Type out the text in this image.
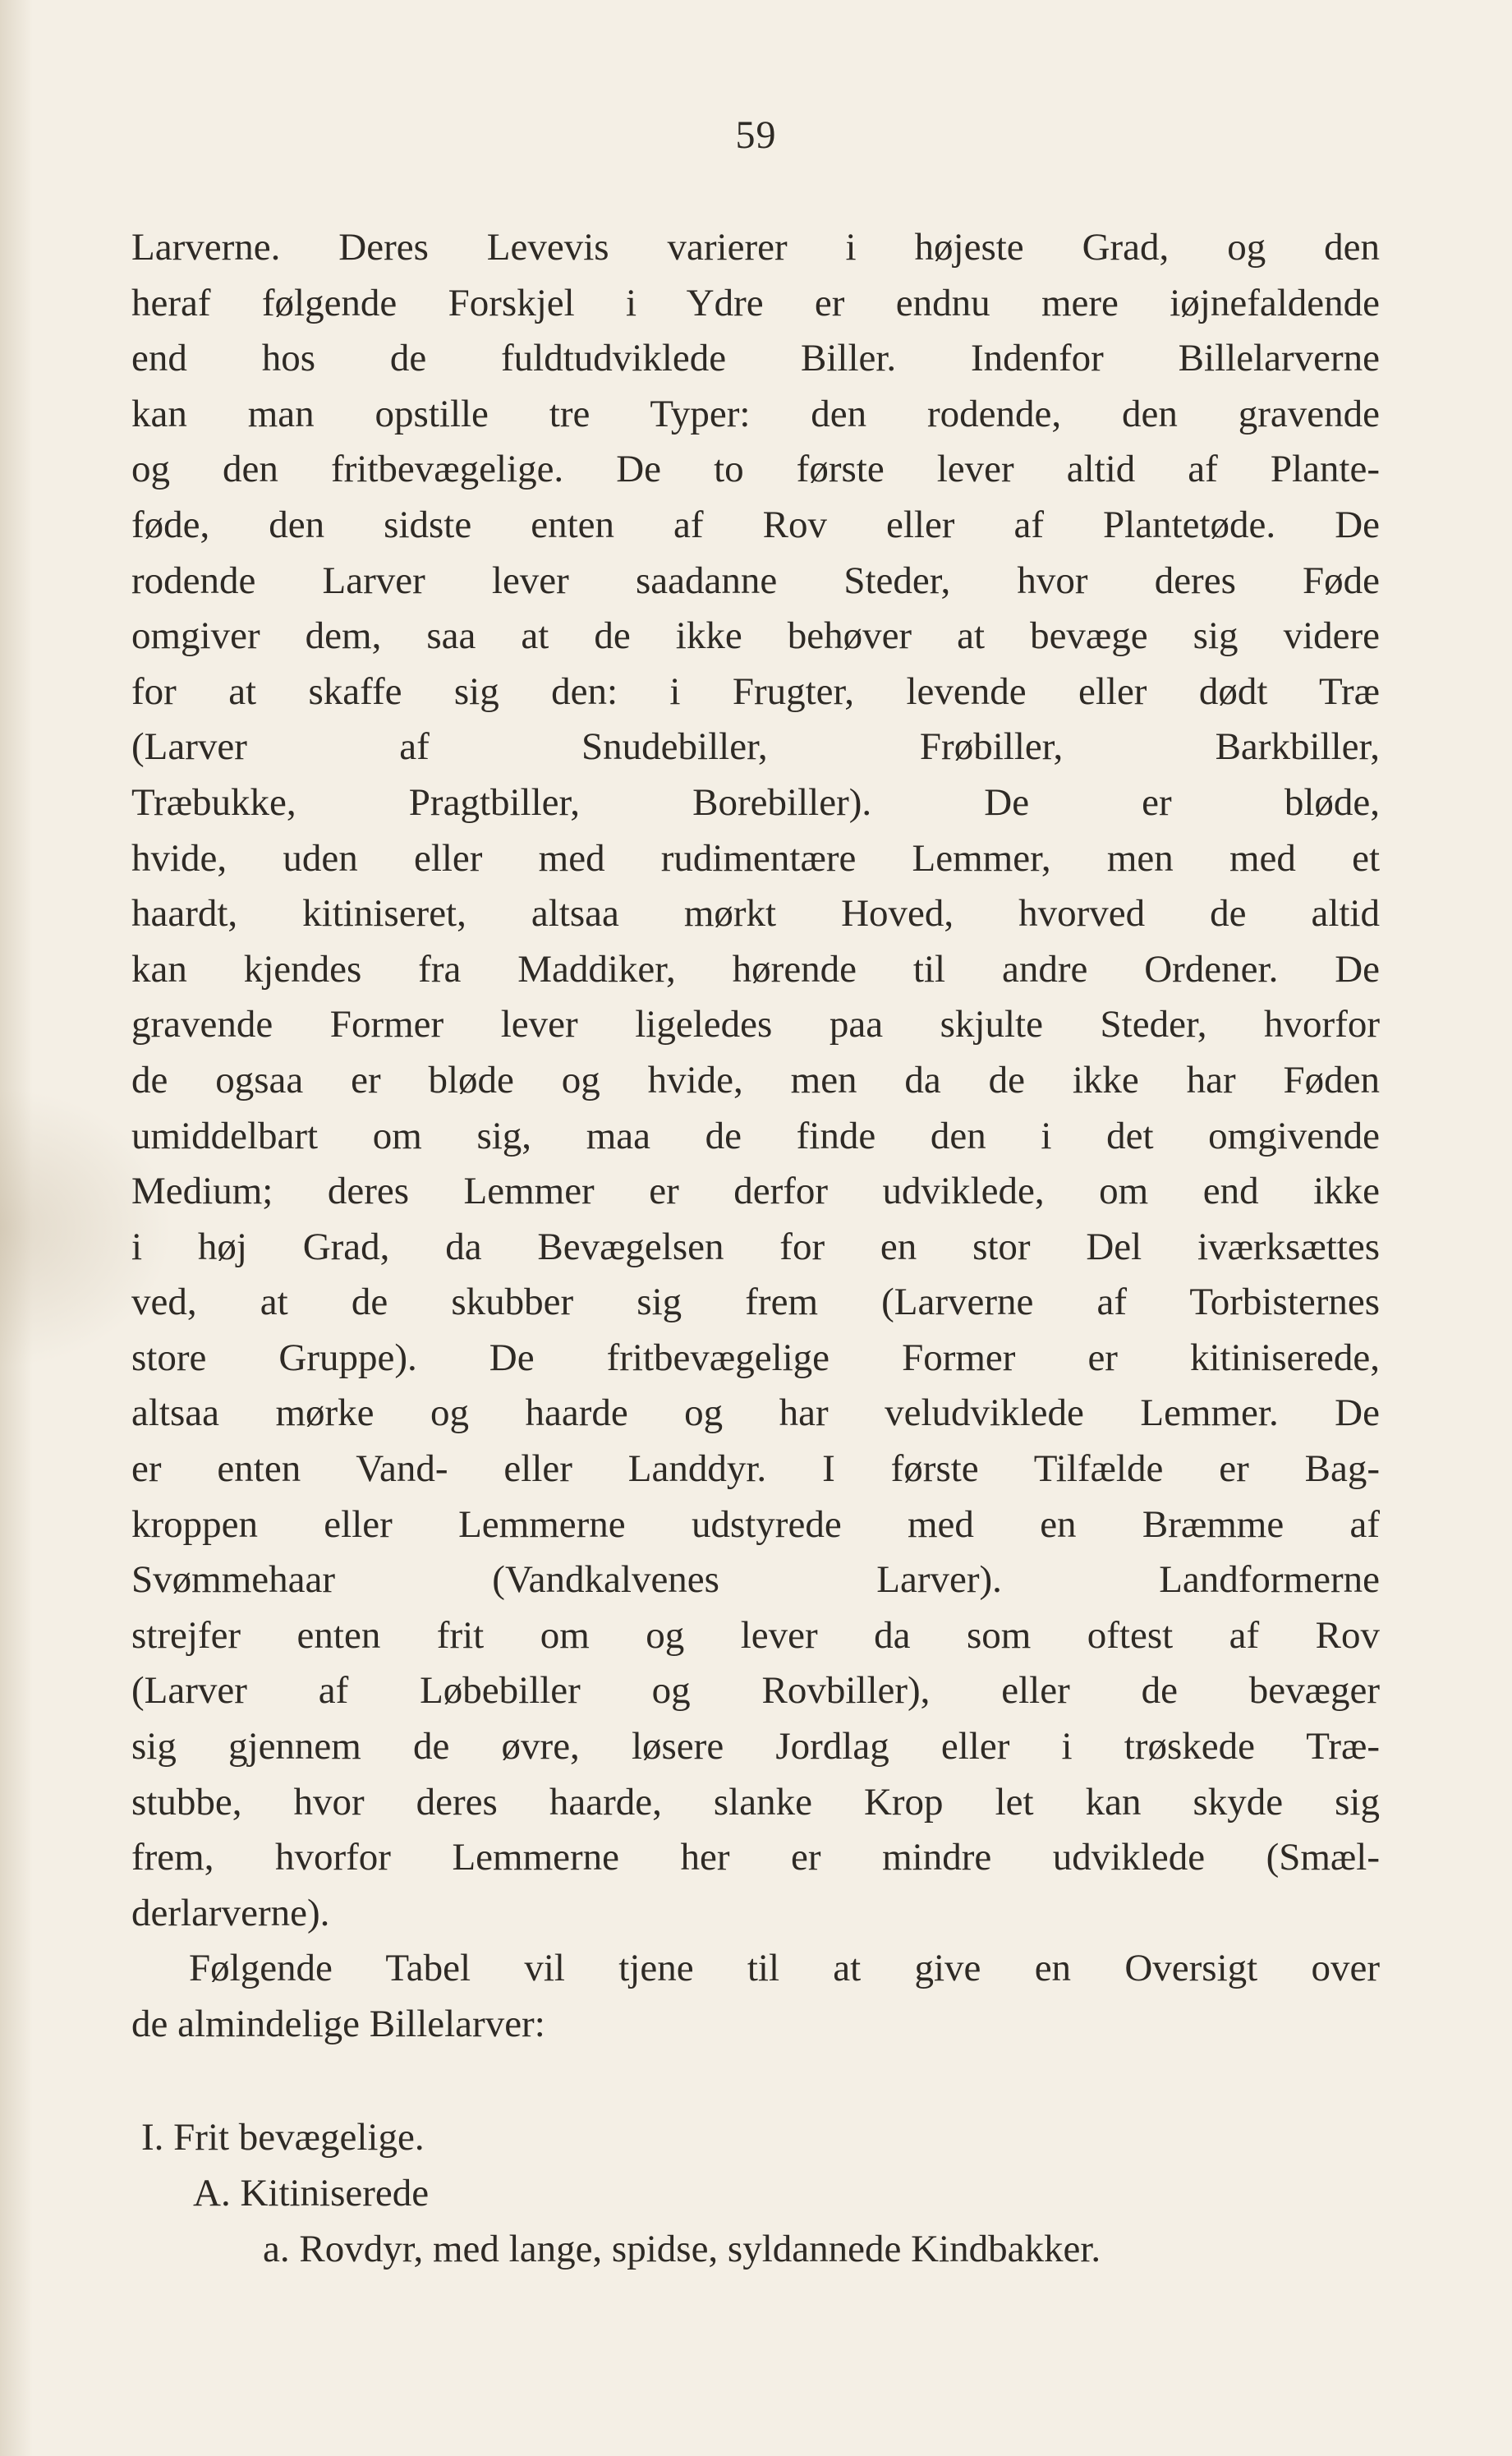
59
Larverne. Deres Levevis varierer i højeste Grad, og den
heraf følgende Forskjel i Ydre er endnu mere iøjnefaldende
end hos de fuldtudviklede Biller. Indenfor Billelarverne
kan man opstille tre Typer: den rodende, den gravende
og den fritbevægelige. De to første lever altid af Plante-
føde, den sidste enten af Rov eller af Plantetøde. De
rodende Larver lever saadanne Steder, hvor deres Føde
omgiver dem, saa at de ikke behøver at bevæge sig videre
for at skaffe sig den: i Frugter, levende eller dødt Træ
(Larver af Snudebiller, Frøbiller, Barkbiller,
Træbukke, Pragtbiller, Borebiller). De er bløde,
hvide, uden eller med rudimentære Lemmer, men med et
haardt, kitiniseret, altsaa mørkt Hoved, hvorved de altid
kan kjendes fra Maddiker, hørende til andre Ordener. De
gravende Former lever ligeledes paa skjulte Steder, hvorfor
de ogsaa er bløde og hvide, men da de ikke har Føden
umiddelbart om sig, maa de finde den i det omgivende
Medium; deres Lemmer er derfor udviklede, om end ikke
i høj Grad, da Bevægelsen for en stor Del iværksættes
ved, at de skubber sig frem (Larverne af Torbisternes
store Gruppe). De fritbevægelige Former er kitiniserede,
altsaa mørke og haarde og har veludviklede Lemmer. De
er enten Vand- eller Landdyr. I første Tilfælde er Bag-
kroppen eller Lemmerne udstyrede med en Bræmme af
Svømmehaar (Vandkalvenes Larver). Landformerne
strejfer enten frit om og lever da som oftest af Rov
(Larver af Løbebiller og Rovbiller), eller de bevæger
sig gjennem de øvre, løsere Jordlag eller i trøskede Træ-
stubbe, hvor deres haarde, slanke Krop let kan skyde sig
frem, hvorfor Lemmerne her er mindre udviklede (Smæl-
derlarverne).
Følgende Tabel vil tjene til at give en Oversigt over
de almindelige Billelarver:
I. Frit bevægelige.
A. Kitiniserede
a. Rovdyr, med lange, spidse, syldannede Kindbakker.
